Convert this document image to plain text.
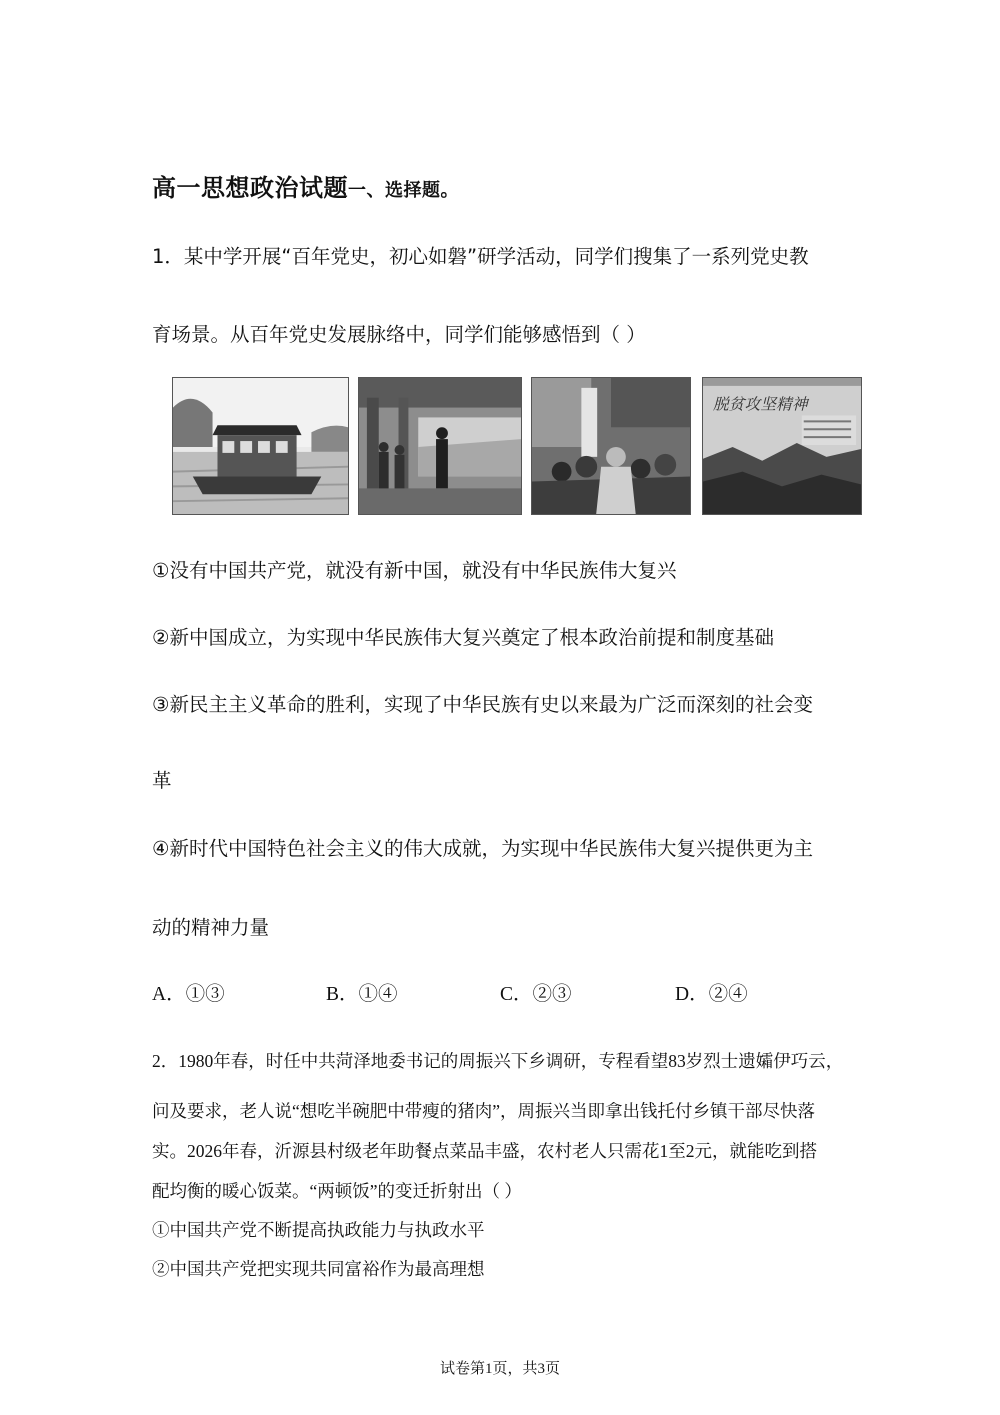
高一思想政治试题一、选择题。
1．某中学开展“百年党史，初心如磐”研学活动，同学们搜集了一系列党史教
育场景。从百年党史发展脉络中，同学们能够感悟到（ ）
脱贫攻坚精神
①没有中国共产党，就没有新中国，就没有中华民族伟大复兴
②新中国成立，为实现中华民族伟大复兴奠定了根本政治前提和制度基础
③新民主主义革命的胜利，实现了中华民族有史以来最为广泛而深刻的社会变
革
④新时代中国特色社会主义的伟大成就，为实现中华民族伟大复兴提供更为主
动的精神力量
A．①③	B．①④	C．②③	D．②④
2．1980年春，时任中共菏泽地委书记的周振兴下乡调研，专程看望83岁烈士遗孀伊巧云，
问及要求，老人说“想吃半碗肥中带瘦的猪肉”，周振兴当即拿出钱托付乡镇干部尽快落
实。2026年春，沂源县村级老年助餐点菜品丰盛，农村老人只需花1至2元，就能吃到搭
配均衡的暖心饭菜。“两顿饭”的变迁折射出（ ）
①中国共产党不断提高执政能力与执政水平
②中国共产党把实现共同富裕作为最高理想
试卷第1页，共3页
